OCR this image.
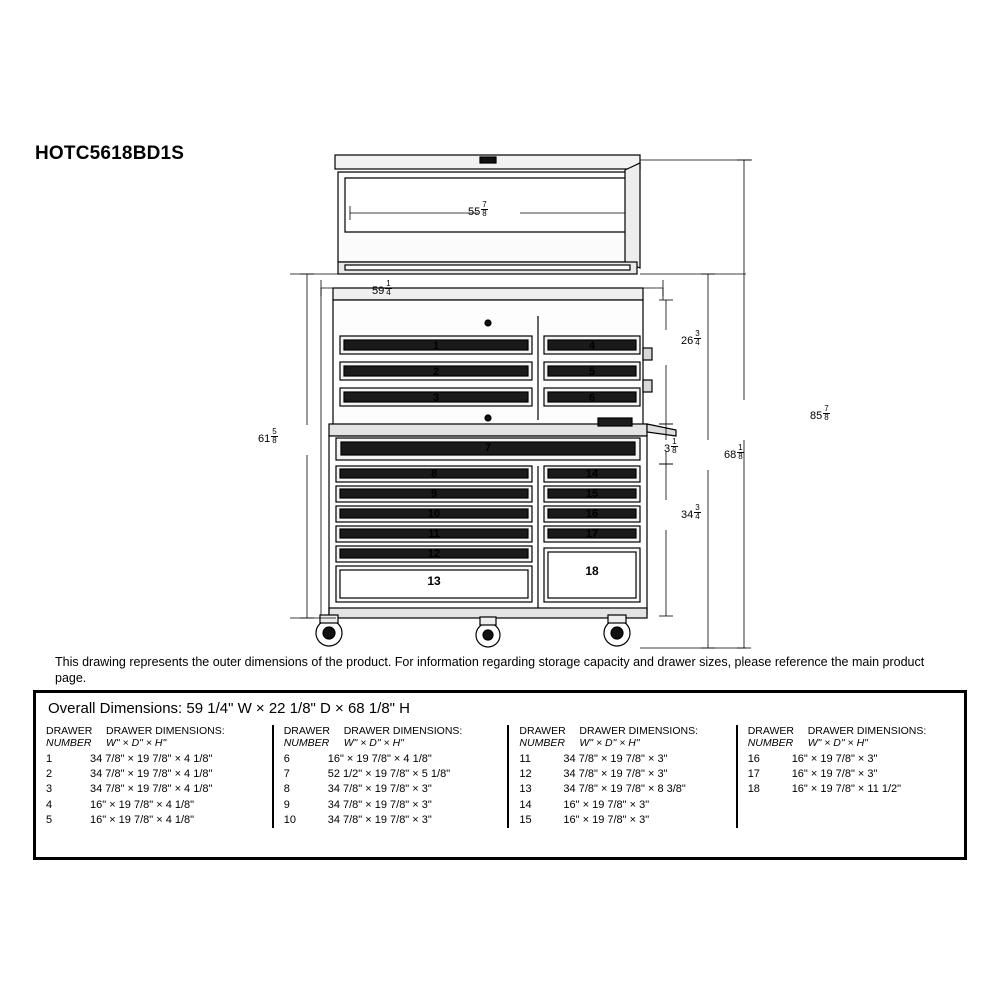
HOTC5618BD1S
$55 \frac{7}{8}$
$59 \frac{1}{4}$
$26 \frac{3}{4}$
$61 \frac{5}{8}$
$3 \frac{1}{8}$
$34 \frac{3}{4}$
$68 \frac{1}{8}$
$85 \frac{7}{8}$
1
2
3
4
5
6
7
8
9
10
11
12
13
14
15
16
17
18
This drawing represents the outer dimensions of the product. For information regarding storage capacity and drawer sizes, please reference the main product page.
Overall Dimensions: 59 1/4" W × 22 1/8" D × 68 1/8" H
DRAWER DRAWER DIMENSIONS:
NUMBER W" × D" × H"
1	34 7/8" × 19 7/8" × 4 1/8"
2	34 7/8" × 19 7/8" × 4 1/8"
3	34 7/8" × 19 7/8" × 4 1/8"
4	16" × 19 7/8" × 4 1/8"
5	16" × 19 7/8" × 4 1/8"
DRAWER DRAWER DIMENSIONS:
NUMBER W" × D" × H"
6	16" × 19 7/8" × 4 1/8"
7	52 1/2" × 19 7/8" × 5 1/8"
8	34 7/8" × 19 7/8" × 3"
9	34 7/8" × 19 7/8" × 3"
10	34 7/8" × 19 7/8" × 3"
DRAWER DRAWER DIMENSIONS:
NUMBER W" × D" × H"
11	34 7/8" × 19 7/8" × 3"
12	34 7/8" × 19 7/8" × 3"
13	34 7/8" × 19 7/8" × 8 3/8"
14	16" × 19 7/8" × 3"
15	16" × 19 7/8" × 3"
DRAWER DRAWER DIMENSIONS:
NUMBER W" × D" × H"
16	16" × 19 7/8" × 3"
17	16" × 19 7/8" × 3"
18	16" × 19 7/8" × 11 1/2"
